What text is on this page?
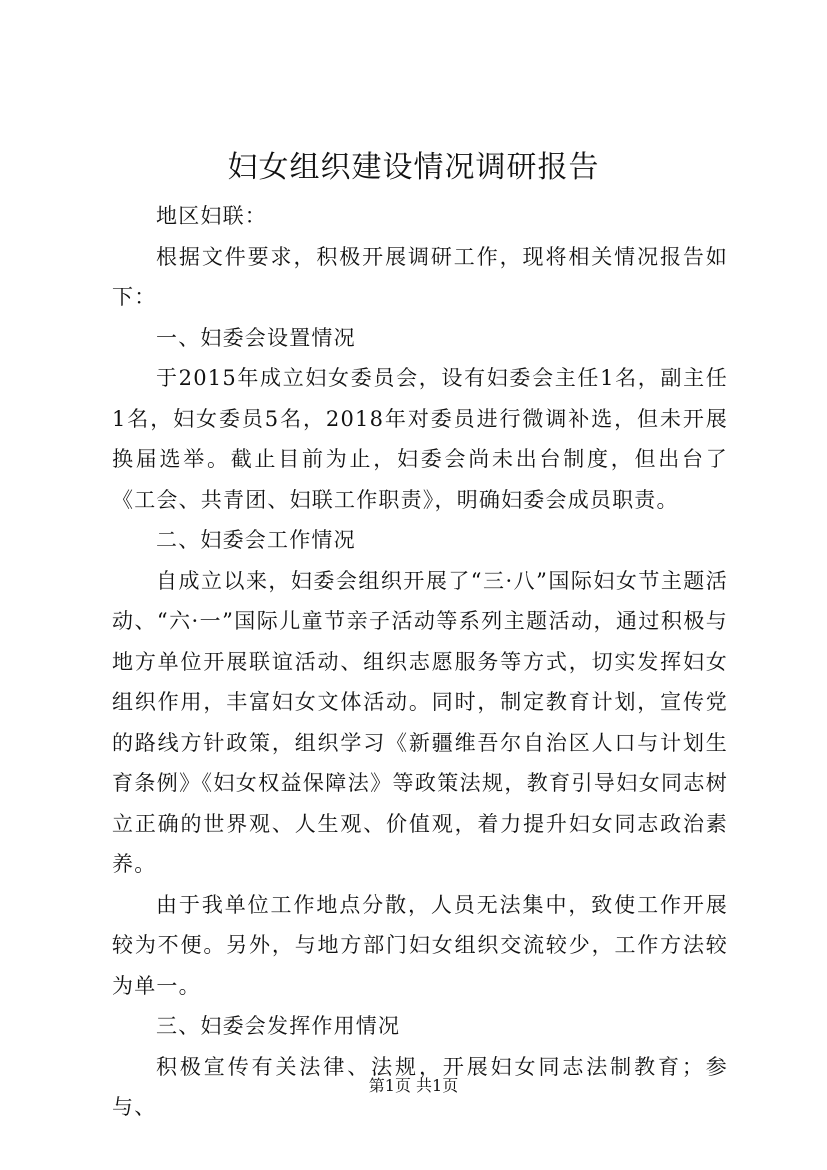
妇女组织建设情况调研报告

地区妇联：

根据文件要求，积极开展调研工作，现将相关情况报告如下：

一、妇委会设置情况

于2015年成立妇女委员会，设有妇委会主任1名，副主任1名，妇女委员5名，2018年对委员进行微调补选，但未开展换届选举。截止目前为止，妇委会尚未出台制度，但出台了《工会、共青团、妇联工作职责》，明确妇委会成员职责。

二、妇委会工作情况

自成立以来，妇委会组织开展了“三·八”国际妇女节主题活动、“六·一”国际儿童节亲子活动等系列主题活动，通过积极与地方单位开展联谊活动、组织志愿服务等方式，切实发挥妇女组织作用，丰富妇女文体活动。同时，制定教育计划，宣传党的路线方针政策，组织学习《新疆维吾尔自治区人口与计划生育条例》《妇女权益保障法》等政策法规，教育引导妇女同志树立正确的世界观、人生观、价值观，着力提升妇女同志政治素养。

由于我单位工作地点分散，人员无法集中，致使工作开展较为不便。另外，与地方部门妇女组织交流较少，工作方法较为单一。

三、妇委会发挥作用情况

积极宣传有关法律、法规，开展妇女同志法制教育；参与、

第1页 共1页
